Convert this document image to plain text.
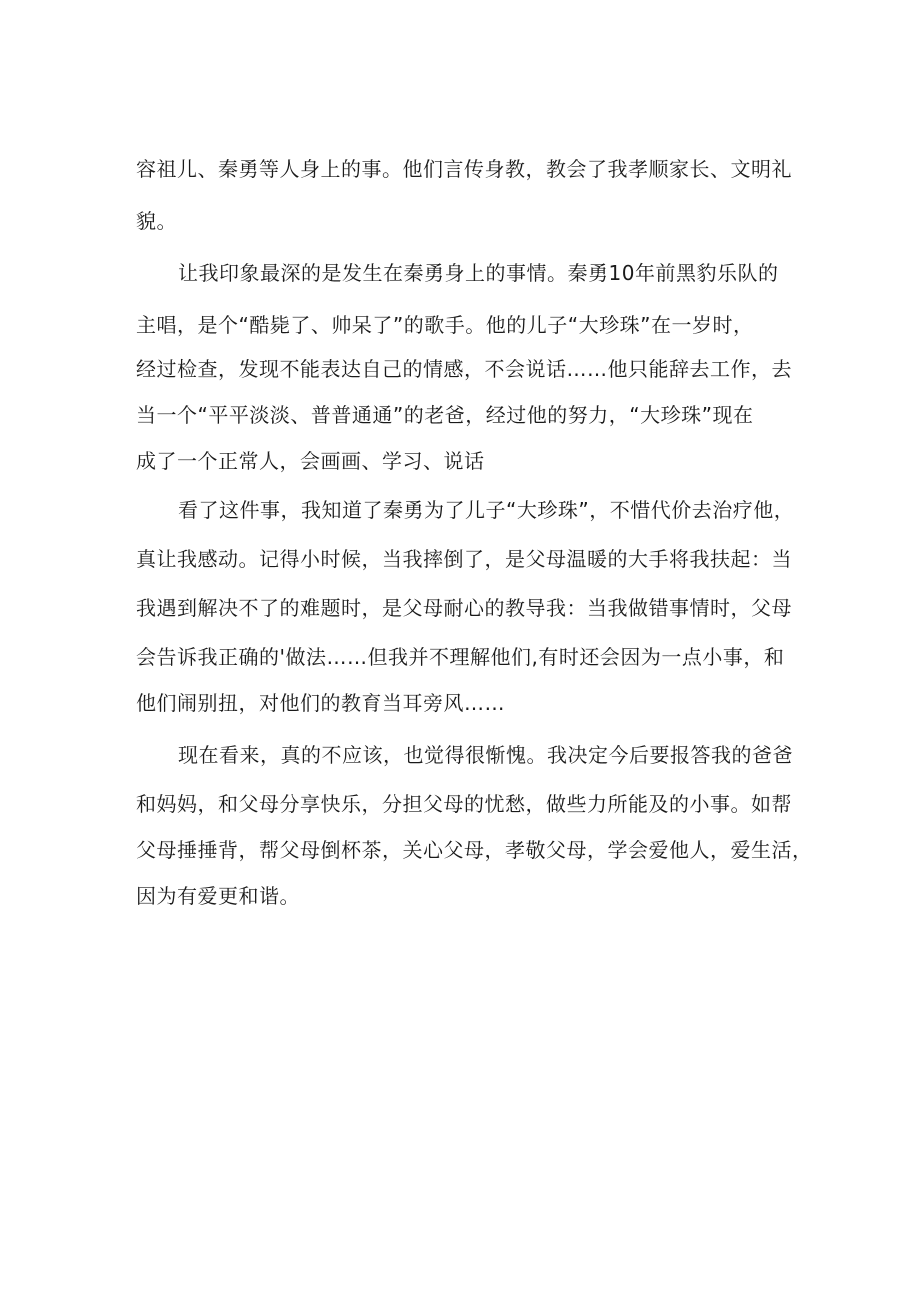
容祖儿、秦勇等人身上的事。他们言传身教，教会了我孝顺家长、文明礼
貌。
让我印象最深的是发生在秦勇身上的事情。秦勇10年前黑豹乐队的
主唱，是个“酷毙了、帅呆了”的歌手。他的儿子“大珍珠”在一岁时，
经过检查，发现不能表达自己的情感，不会说话……他只能辞去工作，去
当一个“平平淡淡、普普通通”的老爸，经过他的努力，“大珍珠”现在
成了一个正常人，会画画、学习、说话
看了这件事，我知道了秦勇为了儿子“大珍珠”，不惜代价去治疗他，
真让我感动。记得小时候，当我摔倒了，是父母温暖的大手将我扶起：当
我遇到解决不了的难题时，是父母耐心的教导我：当我做错事情时，父母
会告诉我正确的'做法……但我并不理解他们,有时还会因为一点小事，和
他们闹别扭，对他们的教育当耳旁风……
现在看来，真的不应该，也觉得很惭愧。我决定今后要报答我的爸爸
和妈妈，和父母分享快乐，分担父母的忧愁，做些力所能及的小事。如帮
父母捶捶背，帮父母倒杯茶，关心父母，孝敬父母，学会爱他人，爱生活，
因为有爱更和谐。
